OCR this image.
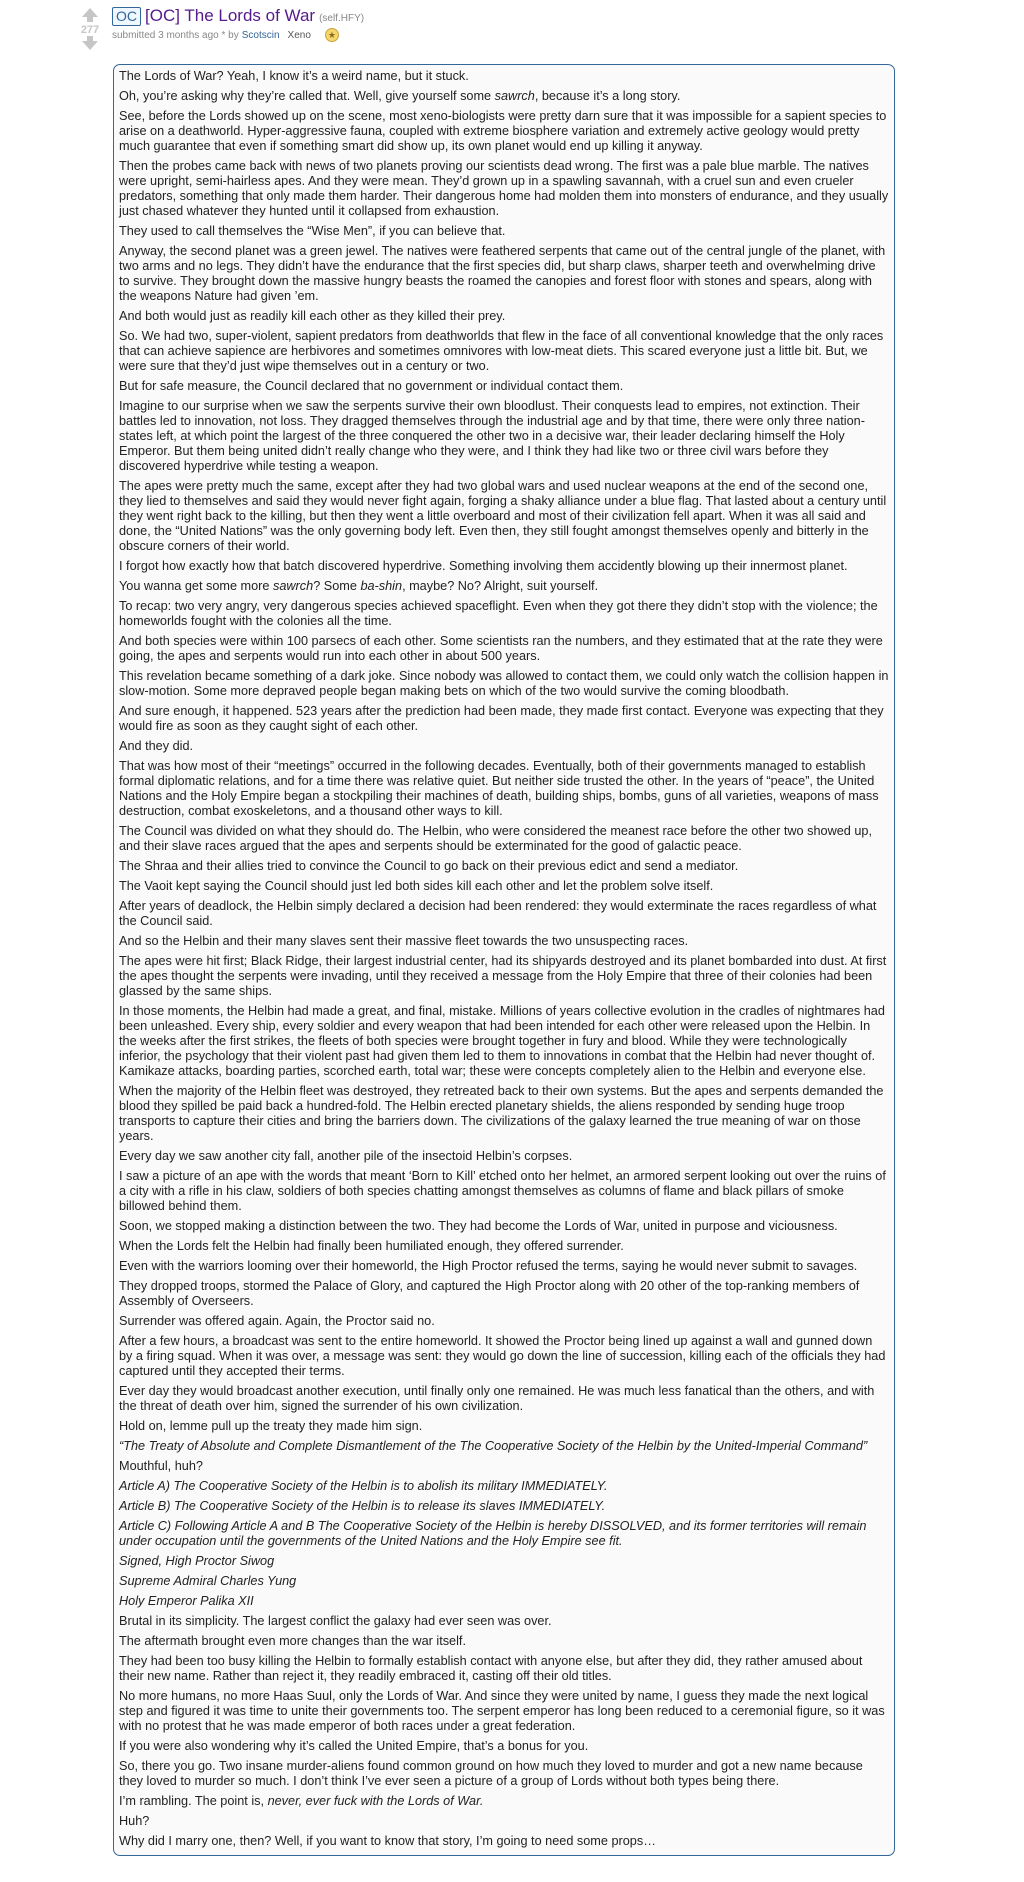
277
OC [OC] The Lords of War (self.HFY)
submitted 3 months ago * by Scotscin Xeno	★

The Lords of War? Yeah, I know it’s a weird name, but it stuck.

Oh, you’re asking why they’re called that. Well, give yourself some sawrch, because it’s a long story.

See, before the Lords showed up on the scene, most xeno-biologists were pretty darn sure that it was impossible for a sapient species to arise on a deathworld. Hyper-aggressive fauna, coupled with extreme biosphere variation and extremely active geology would pretty much guarantee that even if something smart did show up, its own planet would end up killing it anyway.

Then the probes came back with news of two planets proving our scientists dead wrong. The first was a pale blue marble. The natives were upright, semi-hairless apes. And they were mean. They’d grown up in a spawling savannah, with a cruel sun and even crueler predators, something that only made them harder. Their dangerous home had molden them into monsters of endurance, and they usually just chased whatever they hunted until it collapsed from exhaustion.

They used to call themselves the “Wise Men”, if you can believe that.

Anyway, the second planet was a green jewel. The natives were feathered serpents that came out of the central jungle of the planet, with two arms and no legs. They didn’t have the endurance that the first species did, but sharp claws, sharper teeth and overwhelming drive to survive. They brought down the massive hungry beasts the roamed the canopies and forest floor with stones and spears, along with the weapons Nature had given ’em.

And both would just as readily kill each other as they killed their prey.

So. We had two, super-violent, sapient predators from deathworlds that flew in the face of all conventional knowledge that the only races that can achieve sapience are herbivores and sometimes omnivores with low-meat diets. This scared everyone just a little bit. But, we were sure that they’d just wipe themselves out in a century or two.

But for safe measure, the Council declared that no government or individual contact them.

Imagine to our surprise when we saw the serpents survive their own bloodlust. Their conquests lead to empires, not extinction. Their battles led to innovation, not loss. They dragged themselves through the industrial age and by that time, there were only three nation-states left, at which point the largest of the three conquered the other two in a decisive war, their leader declaring himself the Holy Emperor. But them being united didn’t really change who they were, and I think they had like two or three civil wars before they discovered hyperdrive while testing a weapon.

The apes were pretty much the same, except after they had two global wars and used nuclear weapons at the end of the second one, they lied to themselves and said they would never fight again, forging a shaky alliance under a blue flag. That lasted about a century until they went right back to the killing, but then they went a little overboard and most of their civilization fell apart. When it was all said and done, the “United Nations” was the only governing body left. Even then, they still fought amongst themselves openly and bitterly in the obscure corners of their world.

I forgot how exactly how that batch discovered hyperdrive. Something involving them accidently blowing up their innermost planet.

You wanna get some more sawrch? Some ba-shin, maybe? No? Alright, suit yourself.

To recap: two very angry, very dangerous species achieved spaceflight. Even when they got there they didn’t stop with the violence; the homeworlds fought with the colonies all the time.

And both species were within 100 parsecs of each other. Some scientists ran the numbers, and they estimated that at the rate they were going, the apes and serpents would run into each other in about 500 years.

This revelation became something of a dark joke. Since nobody was allowed to contact them, we could only watch the collision happen in slow-motion. Some more depraved people began making bets on which of the two would survive the coming bloodbath.

And sure enough, it happened. 523 years after the prediction had been made, they made first contact. Everyone was expecting that they would fire as soon as they caught sight of each other.

And they did.

That was how most of their “meetings” occurred in the following decades. Eventually, both of their governments managed to establish formal diplomatic relations, and for a time there was relative quiet. But neither side trusted the other. In the years of “peace”, the United Nations and the Holy Empire began a stockpiling their machines of death, building ships, bombs, guns of all varieties, weapons of mass destruction, combat exoskeletons, and a thousand other ways to kill.

The Council was divided on what they should do. The Helbin, who were considered the meanest race before the other two showed up, and their slave races argued that the apes and serpents should be exterminated for the good of galactic peace.

The Shraa and their allies tried to convince the Council to go back on their previous edict and send a mediator.

The Vaoit kept saying the Council should just led both sides kill each other and let the problem solve itself.

After years of deadlock, the Helbin simply declared a decision had been rendered: they would exterminate the races regardless of what the Council said.

And so the Helbin and their many slaves sent their massive fleet towards the two unsuspecting races.

The apes were hit first; Black Ridge, their largest industrial center, had its shipyards destroyed and its planet bombarded into dust. At first the apes thought the serpents were invading, until they received a message from the Holy Empire that three of their colonies had been glassed by the same ships.

In those moments, the Helbin had made a great, and final, mistake. Millions of years collective evolution in the cradles of nightmares had been unleashed. Every ship, every soldier and every weapon that had been intended for each other were released upon the Helbin. In the weeks after the first strikes, the fleets of both species were brought together in fury and blood. While they were technologically inferior, the psychology that their violent past had given them led to them to innovations in combat that the Helbin had never thought of. Kamikaze attacks, boarding parties, scorched earth, total war; these were concepts completely alien to the Helbin and everyone else.

When the majority of the Helbin fleet was destroyed, they retreated back to their own systems. But the apes and serpents demanded the blood they spilled be paid back a hundred-fold. The Helbin erected planetary shields, the aliens responded by sending huge troop transports to capture their cities and bring the barriers down. The civilizations of the galaxy learned the true meaning of war on those years.

Every day we saw another city fall, another pile of the insectoid Helbin’s corpses.

I saw a picture of an ape with the words that meant ‘Born to Kill’ etched onto her helmet, an armored serpent looking out over the ruins of a city with a rifle in his claw, soldiers of both species chatting amongst themselves as columns of flame and black pillars of smoke billowed behind them.

Soon, we stopped making a distinction between the two. They had become the Lords of War, united in purpose and viciousness.

When the Lords felt the Helbin had finally been humiliated enough, they offered surrender.

Even with the warriors looming over their homeworld, the High Proctor refused the terms, saying he would never submit to savages.

They dropped troops, stormed the Palace of Glory, and captured the High Proctor along with 20 other of the top-ranking members of Assembly of Overseers.

Surrender was offered again. Again, the Proctor said no.

After a few hours, a broadcast was sent to the entire homeworld. It showed the Proctor being lined up against a wall and gunned down by a firing squad. When it was over, a message was sent: they would go down the line of succession, killing each of the officials they had captured until they accepted their terms.

Ever day they would broadcast another execution, until finally only one remained. He was much less fanatical than the others, and with the threat of death over him, signed the surrender of his own civilization.

Hold on, lemme pull up the treaty they made him sign.

“The Treaty of Absolute and Complete Dismantlement of the The Cooperative Society of the Helbin by the United-Imperial Command”

Mouthful, huh?

Article A) The Cooperative Society of the Helbin is to abolish its military IMMEDIATELY.

Article B) The Cooperative Society of the Helbin is to release its slaves IMMEDIATELY.

Article C) Following Article A and B The Cooperative Society of the Helbin is hereby DISSOLVED, and its former territories will remain under occupation until the governments of the United Nations and the Holy Empire see fit.

Signed, High Proctor Siwog

Supreme Admiral Charles Yung

Holy Emperor Palika XII

Brutal in its simplicity. The largest conflict the galaxy had ever seen was over.

The aftermath brought even more changes than the war itself.

They had been too busy killing the Helbin to formally establish contact with anyone else, but after they did, they rather amused about their new name. Rather than reject it, they readily embraced it, casting off their old titles.

No more humans, no more Haas Suul, only the Lords of War. And since they were united by name, I guess they made the next logical step and figured it was time to unite their governments too. The serpent emperor has long been reduced to a ceremonial figure, so it was with no protest that he was made emperor of both races under a great federation.

If you were also wondering why it’s called the United Empire, that’s a bonus for you.

So, there you go. Two insane murder-aliens found common ground on how much they loved to murder and got a new name because they loved to murder so much. I don’t think I’ve ever seen a picture of a group of Lords without both types being there.

I’m rambling. The point is, never, ever fuck with the Lords of War.

Huh?

Why did I marry one, then? Well, if you want to know that story, I’m going to need some props…
